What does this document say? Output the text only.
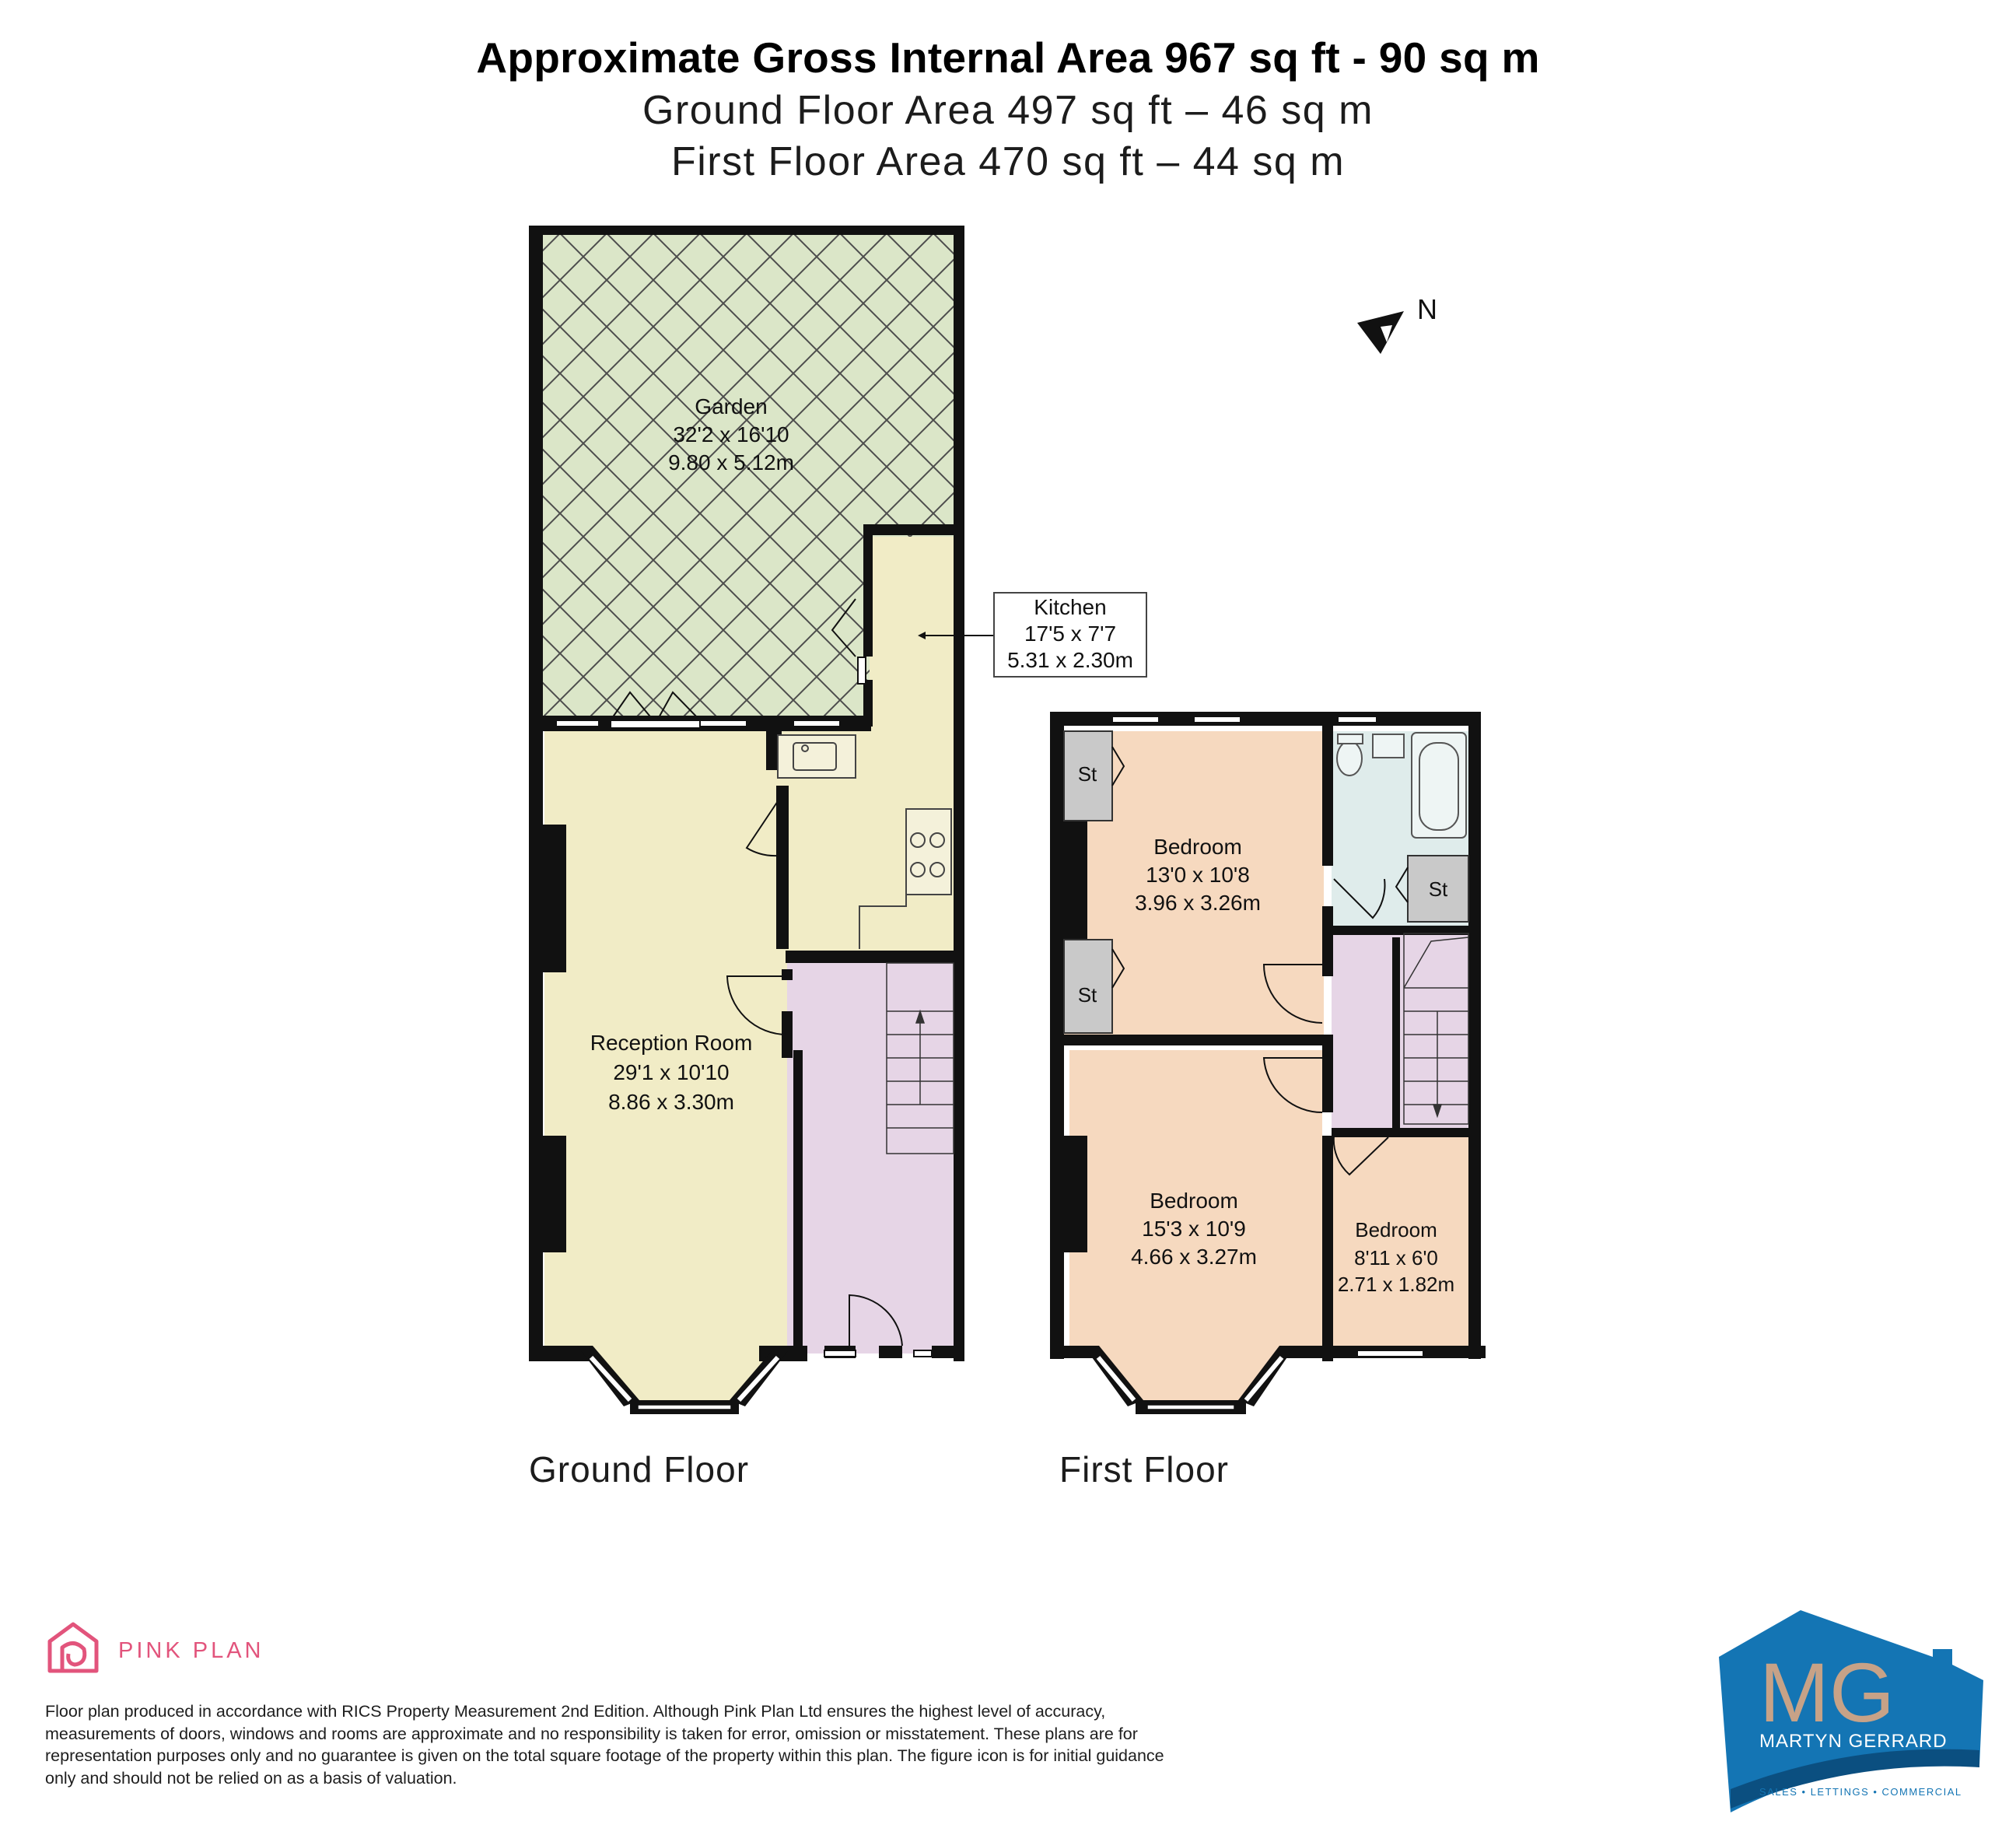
Approximate Gross Internal Area 967 sq ft - 90 sq m

Ground Floor Area 497 sq ft – 46 sq m

First Floor Area 470 sq ft – 44 sq m

N
Garden
32'2 x 16'10
9.80 x 5.12m
Kitchen
17'5 x 7'7
5.31 x 2.30m
Reception Room
29'1 x 10'10
8.86 x 3.30m
Bedroom
13'0 x 10'8
3.96 x 3.26m
Bedroom
15'3 x 10'9
4.66 x 3.27m
Bedroom
8'11 x 6'0
2.71 x 1.82m
St
St
St
MG
MARTYN GERRARD
SALES • LETTINGS • COMMERCIAL
Ground Floor	First Floor
PINK PLAN
Floor plan produced in accordance with RICS Property Measurement 2nd Edition. Although Pink Plan Ltd ensures the highest level of accuracy, measurements of doors, windows and rooms are approximate and no responsibility is taken for error, omission or misstatement. These plans are for representation purposes only and no guarantee is given on the total square footage of the property within this plan. The figure icon is for initial guidance only and should not be relied on as a basis of valuation.
